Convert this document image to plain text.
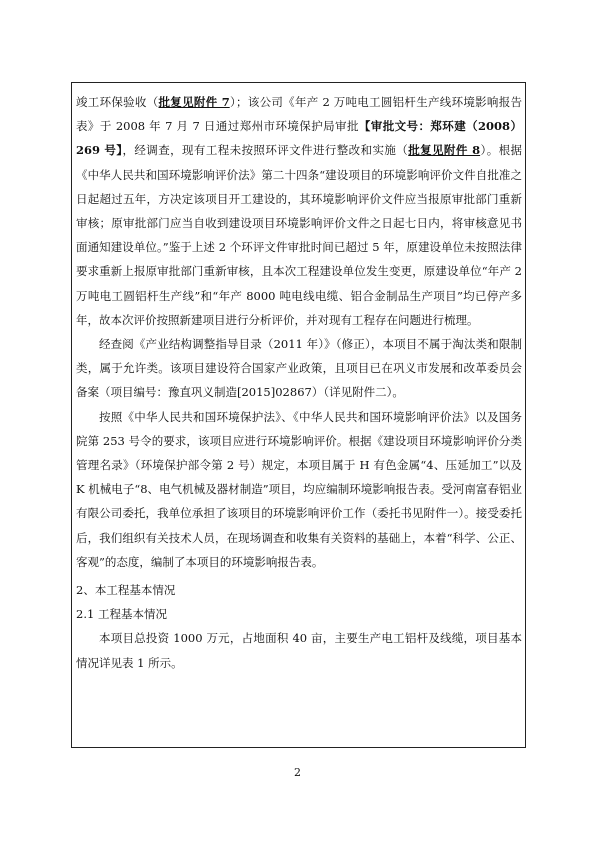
竣工环保验收（批复见附件 7）；该公司《年产 2 万吨电工圆铝杆生产线环境影响报告表》于 2008 年 7 月 7 日通过郑州市环境保护局审批【审批文号：郑环建（2008）269 号】，经调查，现有工程未按照环评文件进行整改和实施（批复见附件 8）。根据《中华人民共和国环境影响评价法》第二十四条“建设项目的环境影响评价文件自批准之日起超过五年，方决定该项目开工建设的，其环境影响评价文件应当报原审批部门重新审核；原审批部门应当自收到建设项目环境影响评价文件之日起七日内，将审核意见书面通知建设单位。”鉴于上述 2 个环评文件审批时间已超过 5 年，原建设单位未按照法律要求重新上报原审批部门重新审核，且本次工程建设单位发生变更，原建设单位“年产 2 万吨电工圆铝杆生产线”和“年产 8000 吨电线电缆、铝合金制品生产项目”均已停产多年，故本次评价按照新建项目进行分析评价，并对现有工程存在问题进行梳理。

经查阅《产业结构调整指导目录（2011 年）》（修正），本项目不属于淘汰类和限制类，属于允许类。该项目建设符合国家产业政策，且项目已在巩义市发展和改革委员会备案（项目编号：豫直巩义制造[2015]02867）（详见附件二）。

按照《中华人民共和国环境保护法》、《中华人民共和国环境影响评价法》以及国务院第 253 号令的要求，该项目应进行环境影响评价。根据《建设项目环境影响评价分类管理名录》（环境保护部令第 2 号）规定，本项目属于 H 有色金属“4、压延加工”以及 K 机械电子“8、电气机械及器材制造”项目，均应编制环境影响报告表。受河南富春铝业有限公司委托，我单位承担了该项目的环境影响评价工作（委托书见附件一）。接受委托后，我们组织有关技术人员，在现场调查和收集有关资料的基础上，本着“科学、公正、客观”的态度，编制了本项目的环境影响报告表。

2、本工程基本情况

2.1 工程基本情况

本项目总投资 1000 万元，占地面积 40 亩，主要生产电工铝杆及线缆，项目基本情况详见表 1 所示。

2
